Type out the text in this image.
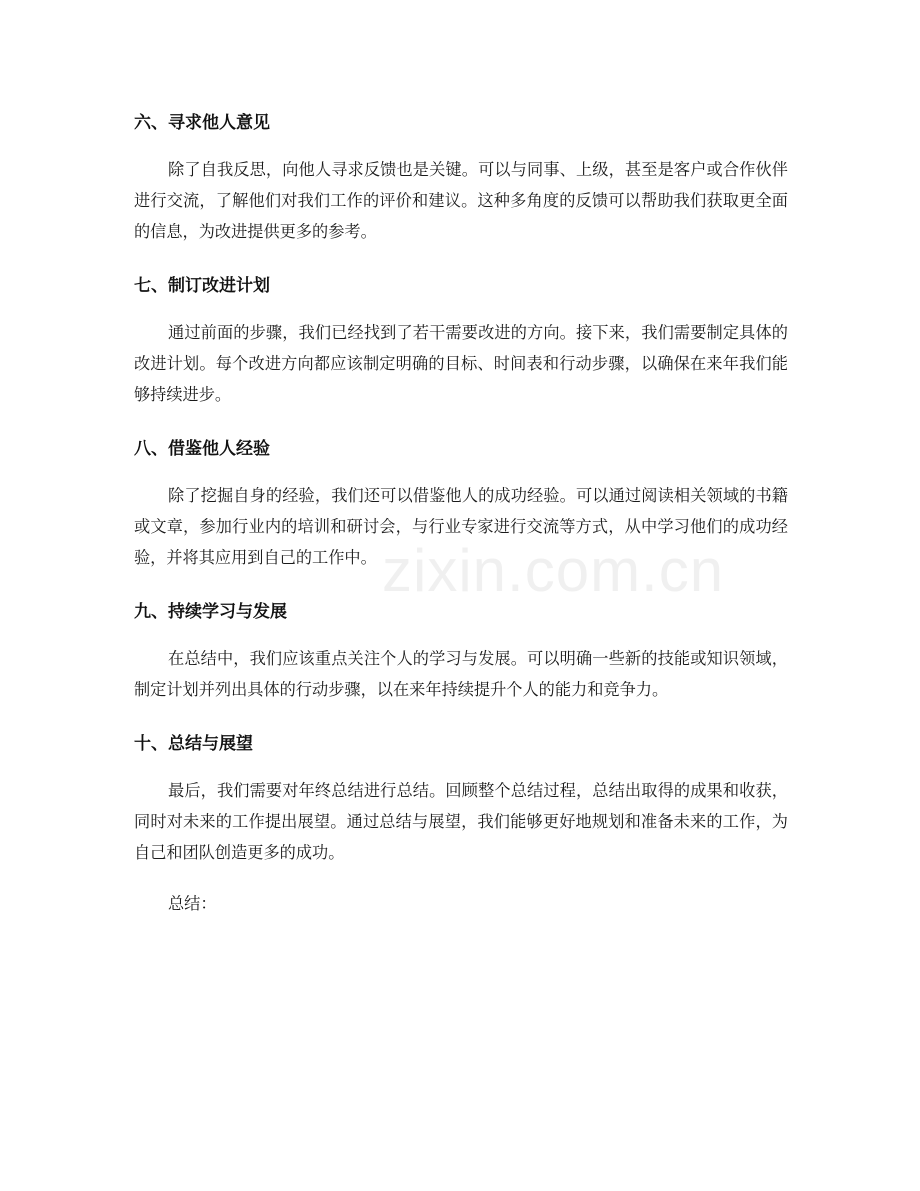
六、寻求他人意见

除了自我反思，向他人寻求反馈也是关键。可以与同事、上级，甚至是客户或合作伙伴进行交流，了解他们对我们工作的评价和建议。这种多角度的反馈可以帮助我们获取更全面的信息，为改进提供更多的参考。

七、制订改进计划

通过前面的步骤，我们已经找到了若干需要改进的方向。接下来，我们需要制定具体的改进计划。每个改进方向都应该制定明确的目标、时间表和行动步骤，以确保在来年我们能够持续进步。

八、借鉴他人经验

除了挖掘自身的经验，我们还可以借鉴他人的成功经验。可以通过阅读相关领域的书籍或文章，参加行业内的培训和研讨会，与行业专家进行交流等方式，从中学习他们的成功经验，并将其应用到自己的工作中。

九、持续学习与发展

在总结中，我们应该重点关注个人的学习与发展。可以明确一些新的技能或知识领域，制定计划并列出具体的行动步骤，以在来年持续提升个人的能力和竞争力。

十、总结与展望

最后，我们需要对年终总结进行总结。回顾整个总结过程，总结出取得的成果和收获，同时对未来的工作提出展望。通过总结与展望，我们能够更好地规划和准备未来的工作，为自己和团队创造更多的成功。

总结：

zixin.com.cn
